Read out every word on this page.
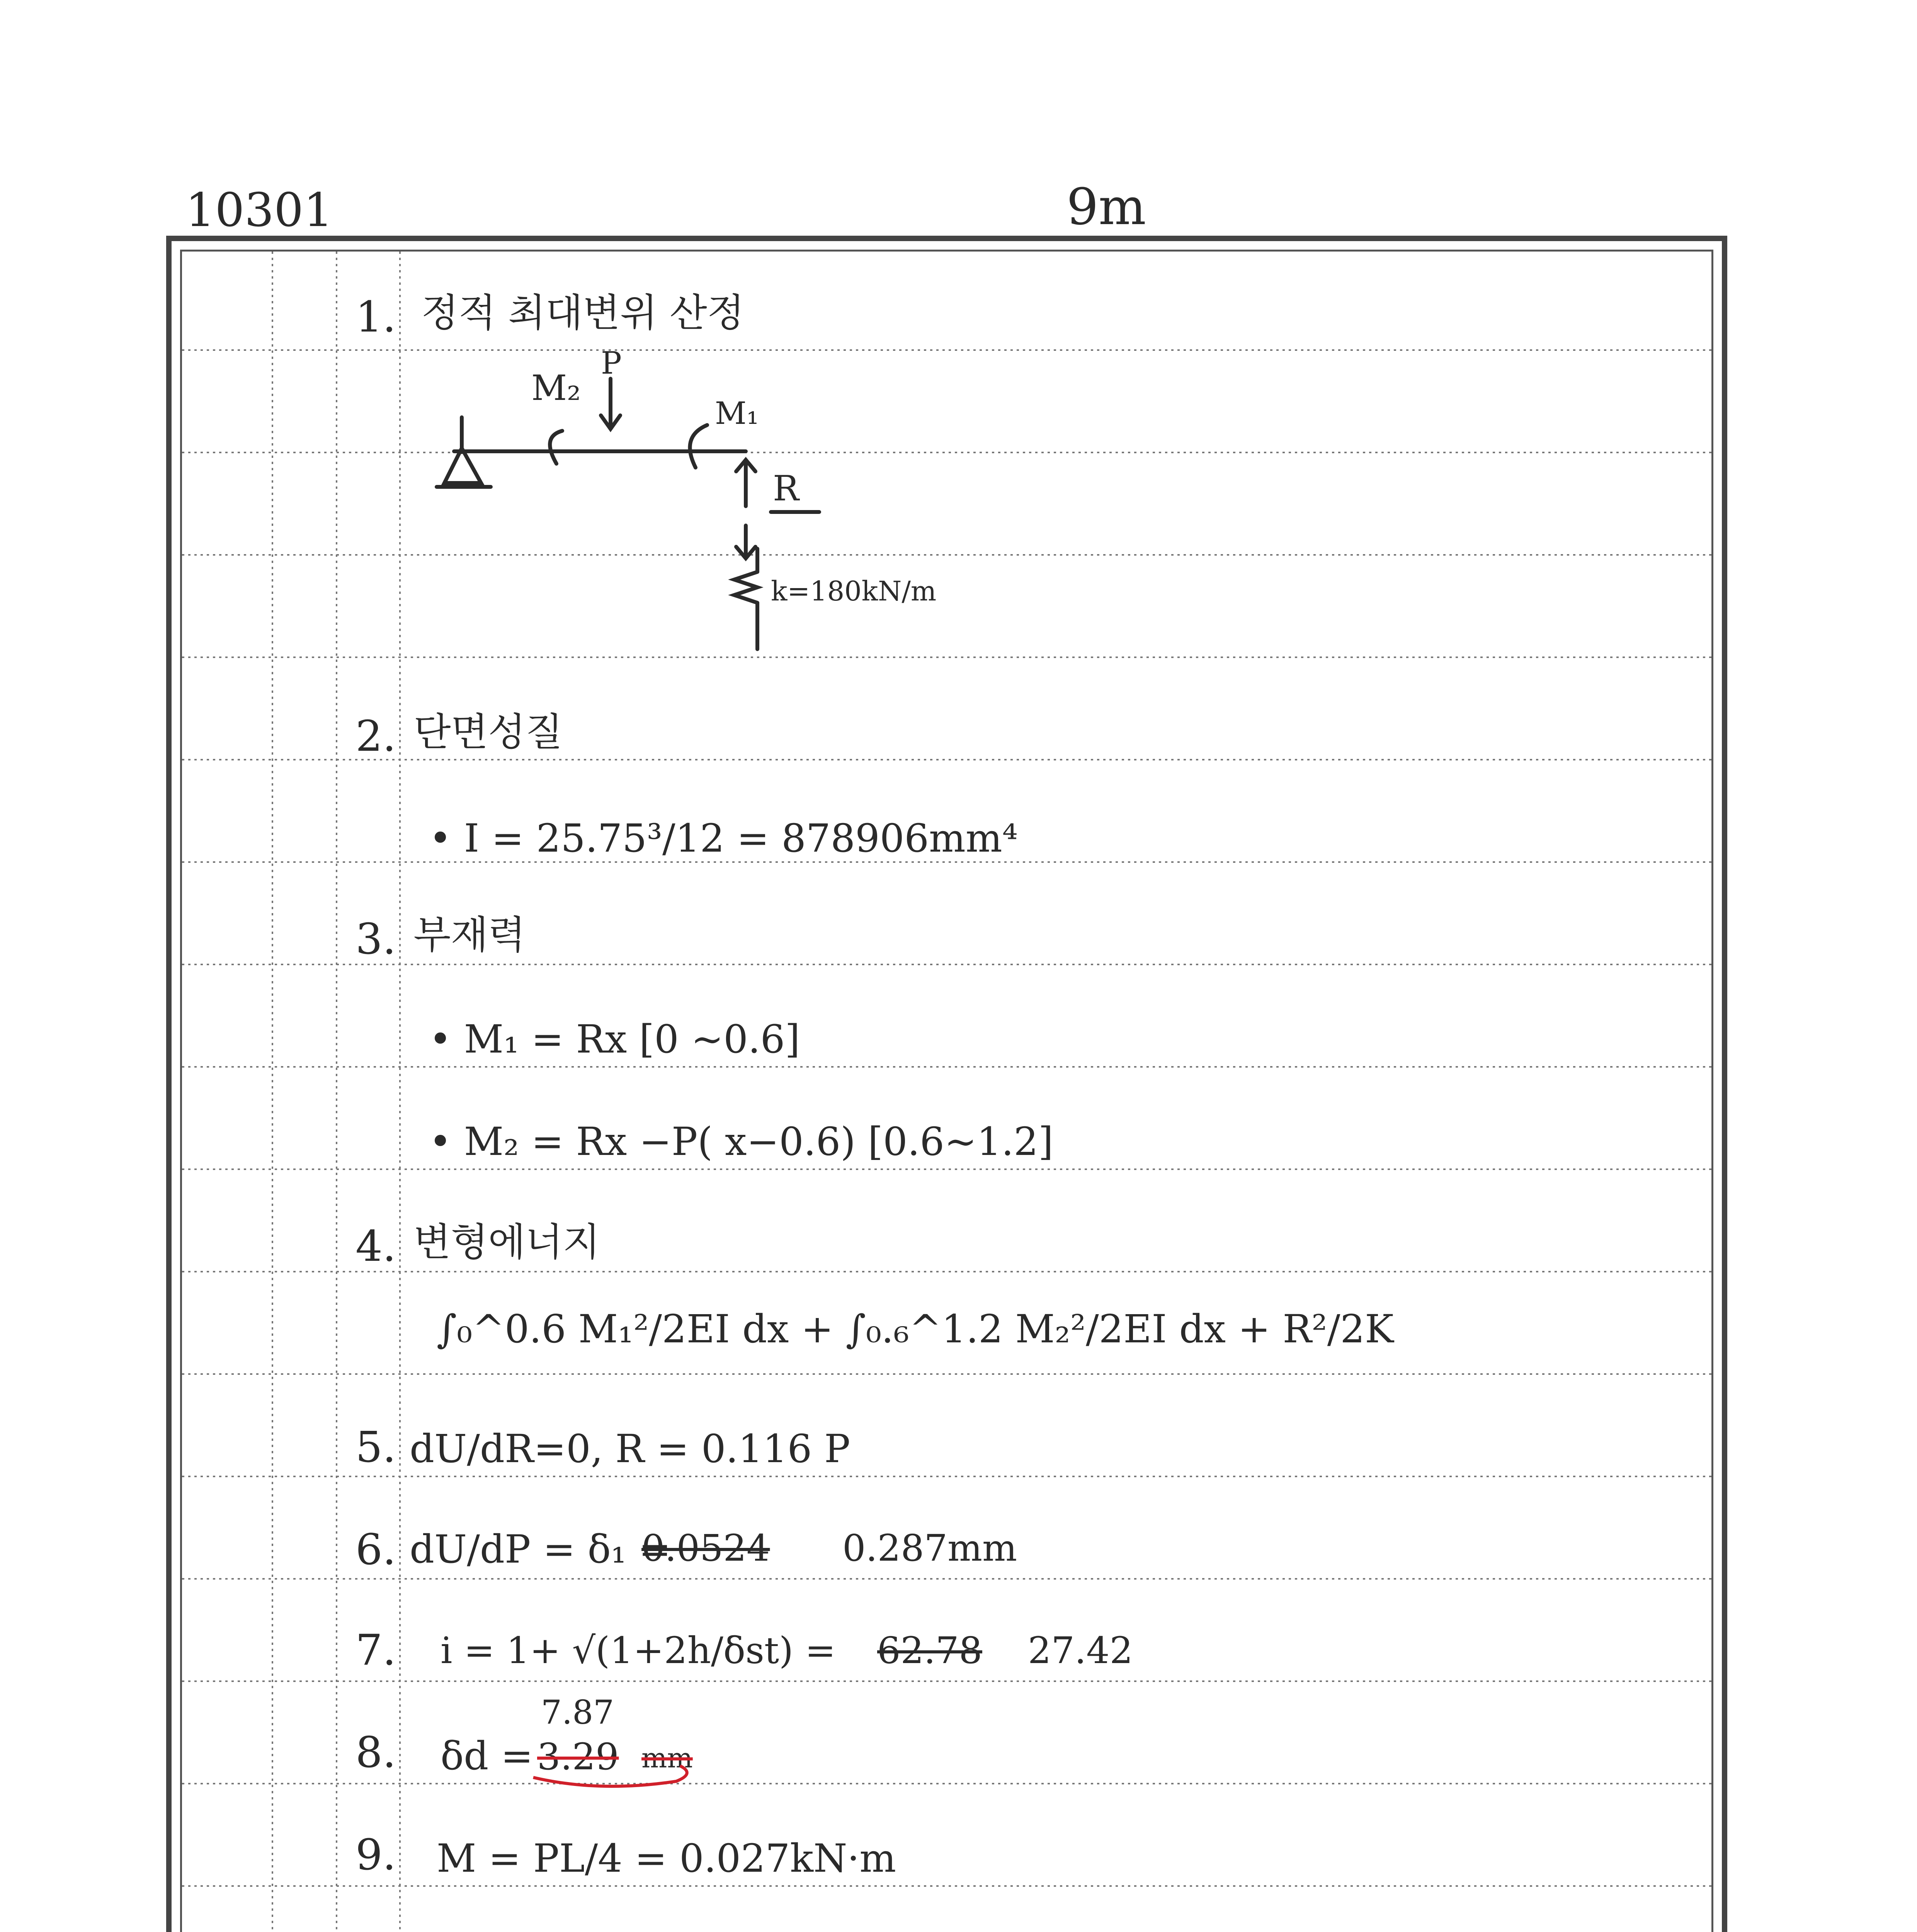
10301	9m
1. 정적 최대변위 산정
M₂
P
M₁
R
k=180kN/m
2. 단면성질
• I = 25.75³/12 = 878906mm⁴
3. 부재력
• M₁ = Rx [0 ~0.6]
• M₂ = Rx −P( x−0.6) [0.6~1.2]
4. 변형에너지
∫₀^0.6 M₁²/2EI dx + ∫₀.₆^1.2 M₂²/2EI dx + R²/2K
5. dU/dR=0, R = 0.116 P
6. dU/dP = δ₁ =
0.0524 0.287mm
7. i = 1+ √(1+2h/δst) = 62.78 27.42
8. δd =
7.87
3.29 mm
9. M = PL/4 = 0.027kN·m
